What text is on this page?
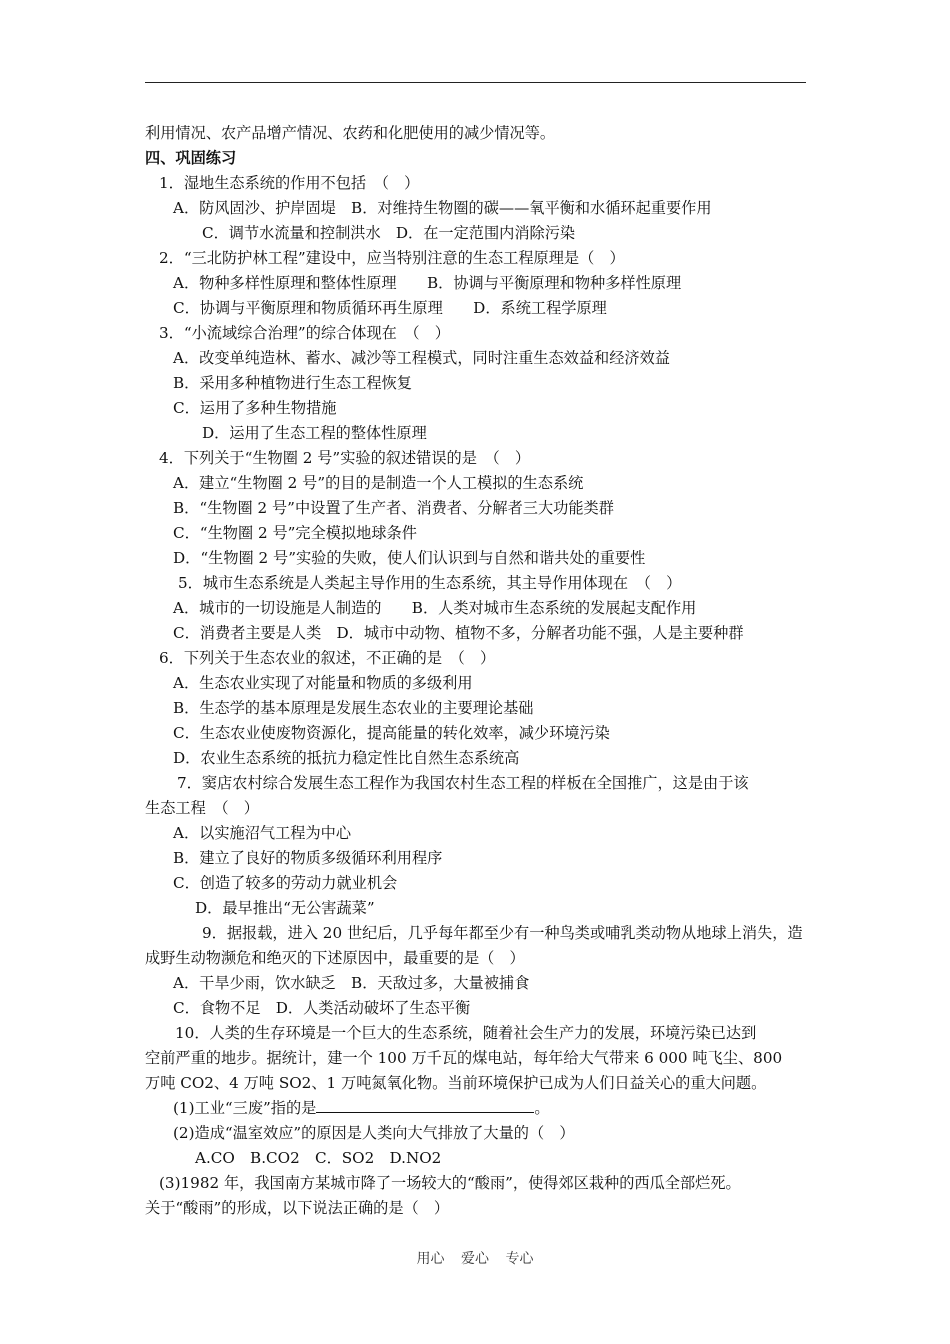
利用情况、农产品增产情况、农药和化肥使用的减少情况等。
四、巩固练习
1．湿地生态系统的作用不包括　（　）
A．防风固沙、护岸固堤　B．对维持生物圈的碳——氧平衡和水循环起重要作用
C．调节水流量和控制洪水　D．在一定范围内消除污染
2．“三北防护林工程”建设中，应当特别注意的生态工程原理是（　）
A．物种多样性原理和整体性原理　　B．协调与平衡原理和物种多样性原理
C．协调与平衡原理和物质循环再生原理　　D．系统工程学原理
3．“小流域综合治理”的综合体现在　（　）
A．改变单纯造林、蓄水、减沙等工程模式，同时注重生态效益和经济效益
B．采用多种植物进行生态工程恢复
C．运用了多种生物措施
D．运用了生态工程的整体性原理
4．下列关于“生物圈 2 号”实验的叙述错误的是　（　）
A．建立“生物圈 2 号”的目的是制造一个人工模拟的生态系统
B．“生物圈 2 号”中设置了生产者、消费者、分解者三大功能类群
C．“生物圈 2 号”完全模拟地球条件
D．“生物圈 2 号”实验的失败，使人们认识到与自然和谐共处的重要性
5．城市生态系统是人类起主导作用的生态系统，其主导作用体现在　（　）
A．城市的一切设施是人制造的　　B．人类对城市生态系统的发展起支配作用
C．消费者主要是人类　D．城市中动物、植物不多，分解者功能不强，人是主要种群
6．下列关于生态农业的叙述，不正确的是　（　）
A．生态农业实现了对能量和物质的多级利用
B．生态学的基本原理是发展生态农业的主要理论基础
C．生态农业使废物资源化，提高能量的转化效率，减少环境污染
D．农业生态系统的抵抗力稳定性比自然生态系统高
7．窦店农村综合发展生态工程作为我国农村生态工程的样板在全国推广，这是由于该
生态工程　（　）
A．以实施沼气工程为中心
B．建立了良好的物质多级循环利用程序
C．创造了较多的劳动力就业机会
D．最早推出“无公害蔬菜”
9．据报载，进入 20 世纪后，几乎每年都至少有一种鸟类或哺乳类动物从地球上消失，造
成野生动物濒危和绝灭的下述原因中，最重要的是（　）
A．干旱少雨，饮水缺乏　B．天敌过多，大量被捕食
C．食物不足　D．人类活动破坏了生态平衡
10．人类的生存环境是一个巨大的生态系统，随着社会生产力的发展，环境污染已达到
空前严重的地步。据统计，建一个 100 万千瓦的煤电站，每年给大气带来 6 000 吨飞尘、800
万吨 CO2、4 万吨 SO2、1 万吨氮氧化物。当前环境保护已成为人们日益关心的重大问题。
(1)工业“三废”指的是	。
(2)造成“温室效应”的原因是人类向大气排放了大量的（　）
A.CO　B.CO2　C．SO2　D.NO2
(3)1982 年，我国南方某城市降了一场较大的“酸雨”，使得郊区栽种的西瓜全部烂死。
关于“酸雨”的形成，以下说法正确的是（　）
用心 爱心 专心
